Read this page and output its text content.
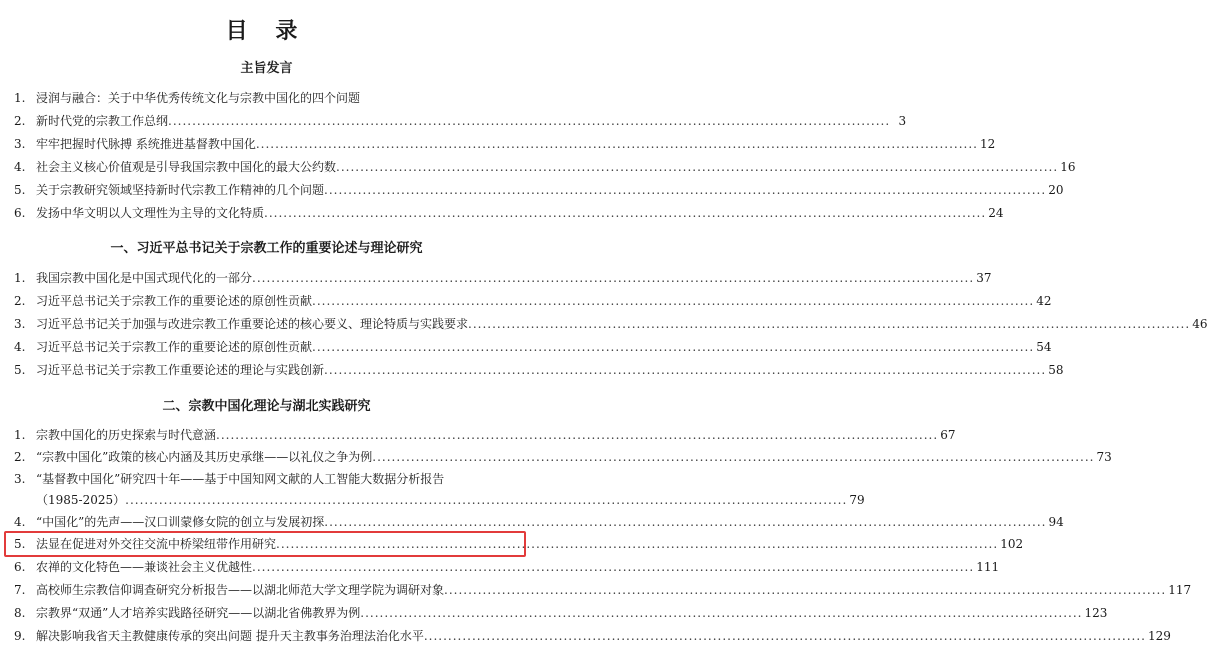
目 录
主旨发言
1. 浸润与融合：关于中华优秀传统文化与宗教中国化的四个问题
2. 新时代党的宗教工作总纲 .....	3
3. 牢牢把握时代脉搏 系统推进基督教中国化 .....	12
4. 社会主义核心价值观是引导我国宗教中国化的最大公约数 .....	16
5. 关于宗教研究领域坚持新时代宗教工作精神的几个问题 .....	20
6. 发扬中华文明以人文理性为主导的文化特质 .....	24
一、习近平总书记关于宗教工作的重要论述与理论研究
1. 我国宗教中国化是中国式现代化的一部分 .....	37
2. 习近平总书记关于宗教工作的重要论述的原创性贡献 .....	42
3. 习近平总书记关于加强与改进宗教工作重要论述的核心要义、理论特质与实践要求 .....	46
4. 习近平总书记关于宗教工作的重要论述的原创性贡献 .....	54
5. 习近平总书记关于宗教工作重要论述的理论与实践创新 .....	58
二、宗教中国化理论与湖北实践研究
1. 宗教中国化的历史探索与时代意涵 .....	67
2. “宗教中国化”政策的核心内涵及其历史承继——以礼仪之争为例 .....	73
3. “基督教中国化”研究四十年——基于中国知网文献的人工智能大数据分析报告
（1985-2025） .....	79
4. “中国化”的先声——汉口训蒙修女院的创立与发展初探 .....	94
5. 法显在促进对外交往交流中桥梁纽带作用研究 .....	102
6. 农禅的文化特色——兼谈社会主义优越性 .....	111
7. 高校师生宗教信仰调查研究分析报告——以湖北师范大学文理学院为调研对象 .....	117
8. 宗教界“双通”人才培养实践路径研究——以湖北省佛教界为例 .....	123
9. 解决影响我省天主教健康传承的突出问题 提升天主教事务治理法治化水平 .....	129
